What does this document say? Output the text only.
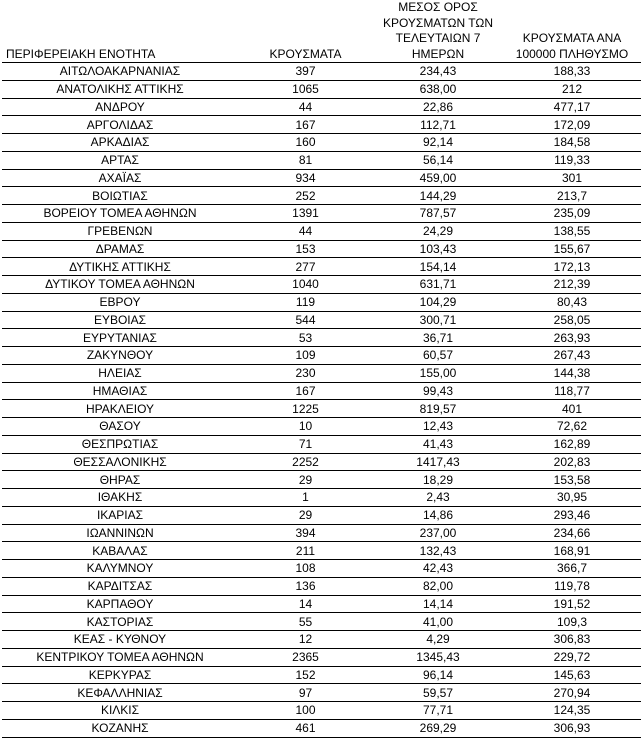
ΠΕΡΙΦΕΡΕΙΑΚΗ ΕΝΟΤΗΤΑ	ΚΡΟΥΣΜΑΤΑ	ΜΕΣΟΣ ΟΡΟΣ ΚΡΟΥΣΜΑΤΩΝ ΤΩΝ ΤΕΛΕΥΤΑΙΩΝ 7 ΗΜΕΡΩΝ	ΚΡΟΥΣΜΑΤΑ ΑΝΑ 100000 ΠΛΗΘΥΣΜΟ
ΑΙΤΩΛΟΑΚΑΡΝΑΝΙΑΣ	397	234,43	188,33
ΑΝΑΤΟΛΙΚΗΣ ΑΤΤΙΚΗΣ	1065	638,00	212
ΑΝΔΡΟΥ	44	22,86	477,17
ΑΡΓΟΛΙΔΑΣ	167	112,71	172,09
ΑΡΚΑΔΙΑΣ	160	92,14	184,58
ΑΡΤΑΣ	81	56,14	119,33
ΑΧΑΪΑΣ	934	459,00	301
ΒΟΙΩΤΙΑΣ	252	144,29	213,7
ΒΟΡΕΙΟΥ ΤΟΜΕΑ ΑΘΗΝΩΝ	1391	787,57	235,09
ΓΡΕΒΕΝΩΝ	44	24,29	138,55
ΔΡΑΜΑΣ	153	103,43	155,67
ΔΥΤΙΚΗΣ ΑΤΤΙΚΗΣ	277	154,14	172,13
ΔΥΤΙΚΟΥ ΤΟΜΕΑ ΑΘΗΝΩΝ	1040	631,71	212,39
ΕΒΡΟΥ	119	104,29	80,43
ΕΥΒΟΙΑΣ	544	300,71	258,05
ΕΥΡΥΤΑΝΙΑΣ	53	36,71	263,93
ΖΑΚΥΝΘΟΥ	109	60,57	267,43
ΗΛΕΙΑΣ	230	155,00	144,38
ΗΜΑΘΙΑΣ	167	99,43	118,77
ΗΡΑΚΛΕΙΟΥ	1225	819,57	401
ΘΑΣΟΥ	10	12,43	72,62
ΘΕΣΠΡΩΤΙΑΣ	71	41,43	162,89
ΘΕΣΣΑΛΟΝΙΚΗΣ	2252	1417,43	202,83
ΘΗΡΑΣ	29	18,29	153,58
ΙΘΑΚΗΣ	1	2,43	30,95
ΙΚΑΡΙΑΣ	29	14,86	293,46
ΙΩΑΝΝΙΝΩΝ	394	237,00	234,66
ΚΑΒΑΛΑΣ	211	132,43	168,91
ΚΑΛΥΜΝΟΥ	108	42,43	366,7
ΚΑΡΔΙΤΣΑΣ	136	82,00	119,78
ΚΑΡΠΑΘΟΥ	14	14,14	191,52
ΚΑΣΤΟΡΙΑΣ	55	41,00	109,3
ΚΕΑΣ - ΚΥΘΝΟΥ	12	4,29	306,83
ΚΕΝΤΡΙΚΟΥ ΤΟΜΕΑ ΑΘΗΝΩΝ	2365	1345,43	229,72
ΚΕΡΚΥΡΑΣ	152	96,14	145,63
ΚΕΦΑΛΛΗΝΙΑΣ	97	59,57	270,94
ΚΙΛΚΙΣ	100	77,71	124,35
ΚΟΖΑΝΗΣ	461	269,29	306,93
